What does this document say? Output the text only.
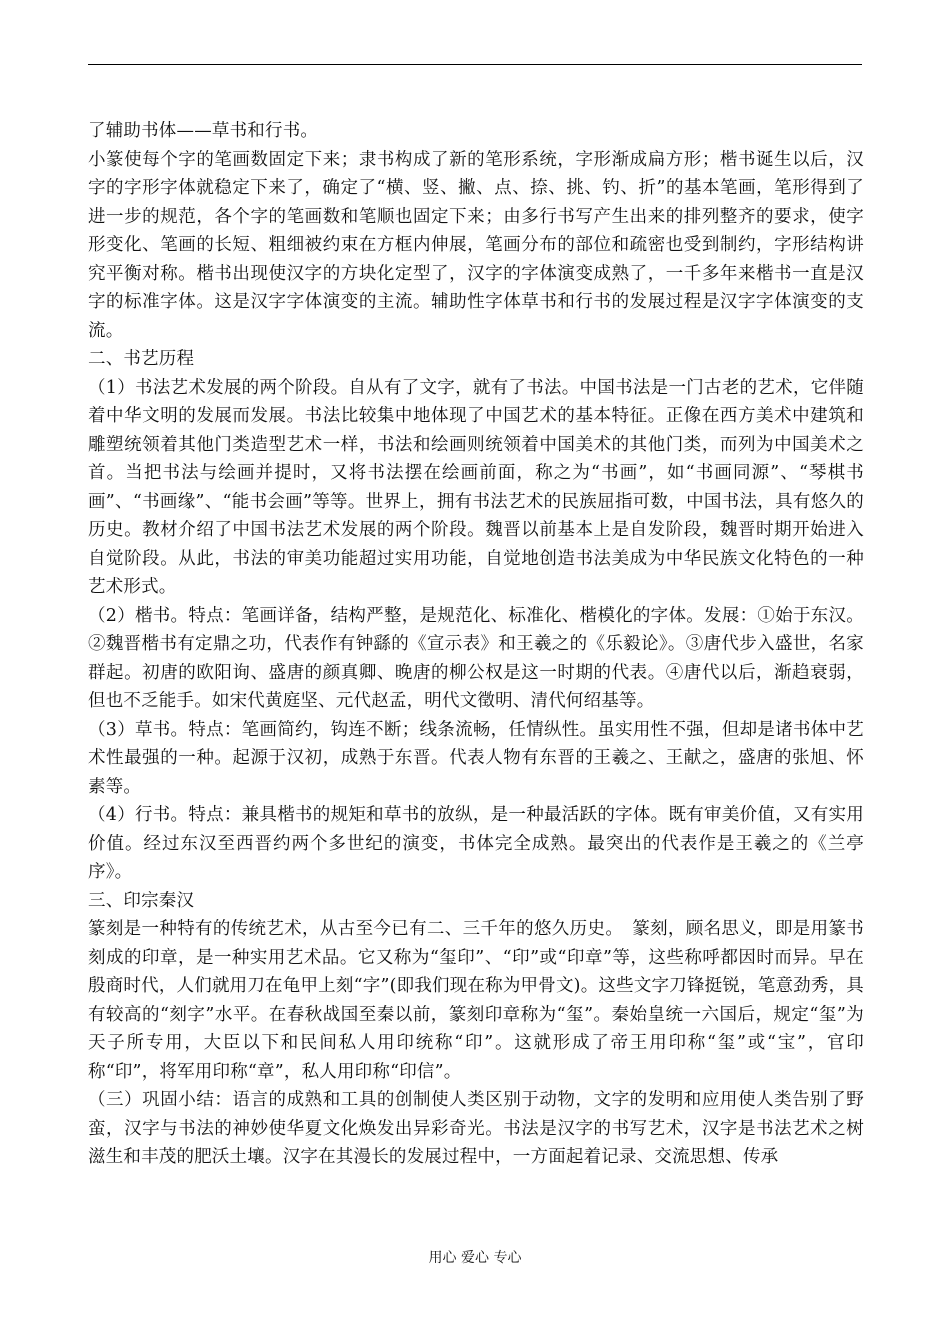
了辅助书体——草书和行书。

小篆使每个字的笔画数固定下来；隶书构成了新的笔形系统，字形渐成扁方形；楷书诞生以后，汉字的字形字体就稳定下来了，确定了“横、竖、撇、点、捺、挑、钓、折”的基本笔画，笔形得到了进一步的规范，各个字的笔画数和笔顺也固定下来；由多行书写产生出来的排列整齐的要求，使字形变化、笔画的长短、粗细被约束在方框内伸展，笔画分布的部位和疏密也受到制约，字形结构讲究平衡对称。楷书出现使汉字的方块化定型了，汉字的字体演变成熟了，一千多年来楷书一直是汉字的标准字体。这是汉字字体演变的主流。辅助性字体草书和行书的发展过程是汉字字体演变的支流。

二、书艺历程

（1）书法艺术发展的两个阶段。自从有了文字，就有了书法。中国书法是一门古老的艺术，它伴随着中华文明的发展而发展。书法比较集中地体现了中国艺术的基本特征。正像在西方美术中建筑和雕塑统领着其他门类造型艺术一样，书法和绘画则统领着中国美术的其他门类，而列为中国美术之首。当把书法与绘画并提时，又将书法摆在绘画前面，称之为“书画”，如“书画同源”、“琴棋书画”、“书画缘”、“能书会画”等等。世界上，拥有书法艺术的民族屈指可数，中国书法，具有悠久的历史。教材介绍了中国书法艺术发展的两个阶段。魏晋以前基本上是自发阶段，魏晋时期开始进入自觉阶段。从此，书法的审美功能超过实用功能，自觉地创造书法美成为中华民族文化特色的一种艺术形式。

（2）楷书。特点：笔画详备，结构严整，是规范化、标准化、楷模化的字体。发展：①始于东汉。②魏晋楷书有定鼎之功，代表作有钟繇的《宣示表》和王羲之的《乐毅论》。③唐代步入盛世，名家群起。初唐的欧阳询、盛唐的颜真卿、晚唐的柳公权是这一时期的代表。④唐代以后，渐趋衰弱，但也不乏能手。如宋代黄庭坚、元代赵孟，明代文徵明、清代何绍基等。

（3）草书。特点：笔画简约，钩连不断；线条流畅，任情纵性。虽实用性不强，但却是诸书体中艺术性最强的一种。起源于汉初，成熟于东晋。代表人物有东晋的王羲之、王献之，盛唐的张旭、怀素等。

（4）行书。特点：兼具楷书的规矩和草书的放纵，是一种最活跃的字体。既有审美价值，又有实用价值。经过东汉至西晋约两个多世纪的演变，书体完全成熟。最突出的代表作是王羲之的《兰亭序》。

三、印宗秦汉

篆刻是一种特有的传统艺术，从古至今已有二、三千年的悠久历史。　篆刻，顾名思义，即是用篆书刻成的印章，是一种实用艺术品。它又称为“玺印”、“印”或“印章”等，这些称呼都因时而异。早在殷商时代，人们就用刀在龟甲上刻“字”(即我们现在称为甲骨文)。这些文字刀锋挺锐，笔意劲秀，具有较高的“刻字”水平。在春秋战国至秦以前，篆刻印章称为“玺”。秦始皇统一六国后，规定“玺”为天子所专用，大臣以下和民间私人用印统称“印”。这就形成了帝王用印称“玺”或“宝”，官印称“印”，将军用印称“章”，私人用印称“印信”。

（三）巩固小结：语言的成熟和工具的创制使人类区别于动物，文字的发明和应用使人类告别了野蛮，汉字与书法的神妙使华夏文化焕发出异彩奇光。书法是汉字的书写艺术，汉字是书法艺术之树滋生和丰茂的肥沃土壤。汉字在其漫长的发展过程中，一方面起着记录、交流思想、传承

用心 爱心 专心
